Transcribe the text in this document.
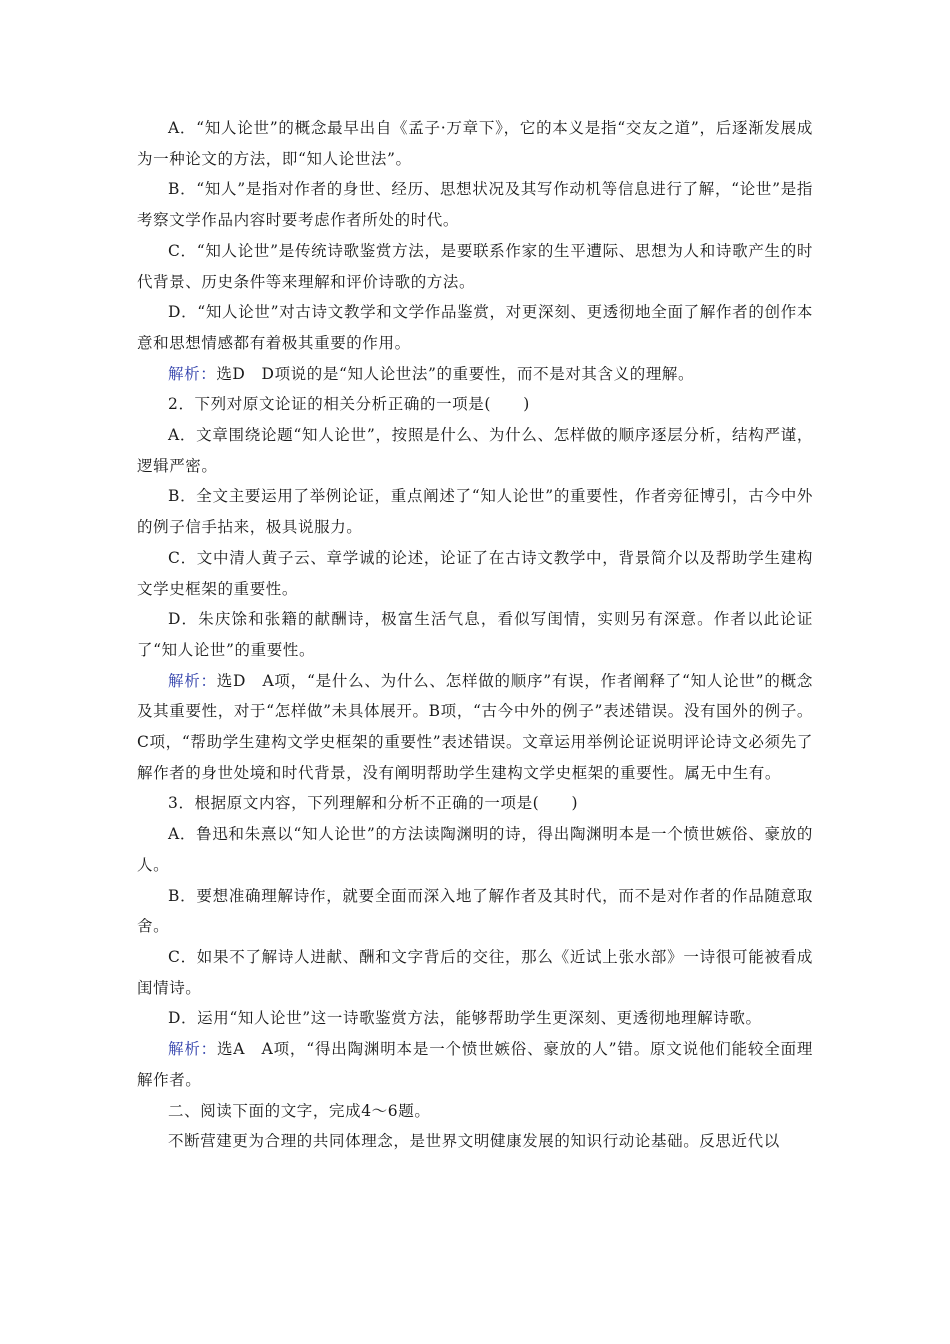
A．“知人论世”的概念最早出自《孟子·万章下》，它的本义是指“交友之道”，后逐渐发展成为一种论文的方法，即“知人论世法”。

B．“知人”是指对作者的身世、经历、思想状况及其写作动机等信息进行了解，“论世”是指考察文学作品内容时要考虑作者所处的时代。

C．“知人论世”是传统诗歌鉴赏方法，是要联系作家的生平遭际、思想为人和诗歌产生的时代背景、历史条件等来理解和评价诗歌的方法。

D．“知人论世”对古诗文教学和文学作品鉴赏，对更深刻、更透彻地全面了解作者的创作本意和思想情感都有着极其重要的作用。

解析：选D　D项说的是“知人论世法”的重要性，而不是对其含义的理解。

2．下列对原文论证的相关分析正确的一项是(　　)

A．文章围绕论题“知人论世”，按照是什么、为什么、怎样做的顺序逐层分析，结构严谨，逻辑严密。

B．全文主要运用了举例论证，重点阐述了“知人论世”的重要性，作者旁征博引，古今中外的例子信手拈来，极具说服力。

C．文中清人黄子云、章学诚的论述，论证了在古诗文教学中，背景简介以及帮助学生建构文学史框架的重要性。

D．朱庆馀和张籍的献酬诗，极富生活气息，看似写闺情，实则另有深意。作者以此论证了“知人论世”的重要性。

解析：选D　A项，“是什么、为什么、怎样做的顺序”有误，作者阐释了“知人论世”的概念及其重要性，对于“怎样做”未具体展开。B项，“古今中外的例子”表述错误。没有国外的例子。C项，“帮助学生建构文学史框架的重要性”表述错误。文章运用举例论证说明评论诗文必须先了解作者的身世处境和时代背景，没有阐明帮助学生建构文学史框架的重要性。属无中生有。

3．根据原文内容，下列理解和分析不正确的一项是(　　)

A．鲁迅和朱熹以“知人论世”的方法读陶渊明的诗，得出陶渊明本是一个愤世嫉俗、豪放的人。

B．要想准确理解诗作，就要全面而深入地了解作者及其时代，而不是对作者的作品随意取舍。

C．如果不了解诗人进献、酬和文字背后的交往，那么《近试上张水部》一诗很可能被看成闺情诗。

D．运用“知人论世”这一诗歌鉴赏方法，能够帮助学生更深刻、更透彻地理解诗歌。

解析：选A　A项，“得出陶渊明本是一个愤世嫉俗、豪放的人”错。原文说他们能较全面理解作者。

二、阅读下面的文字，完成4～6题。

不断营建更为合理的共同体理念，是世界文明健康发展的知识行动论基础。反思近代以
